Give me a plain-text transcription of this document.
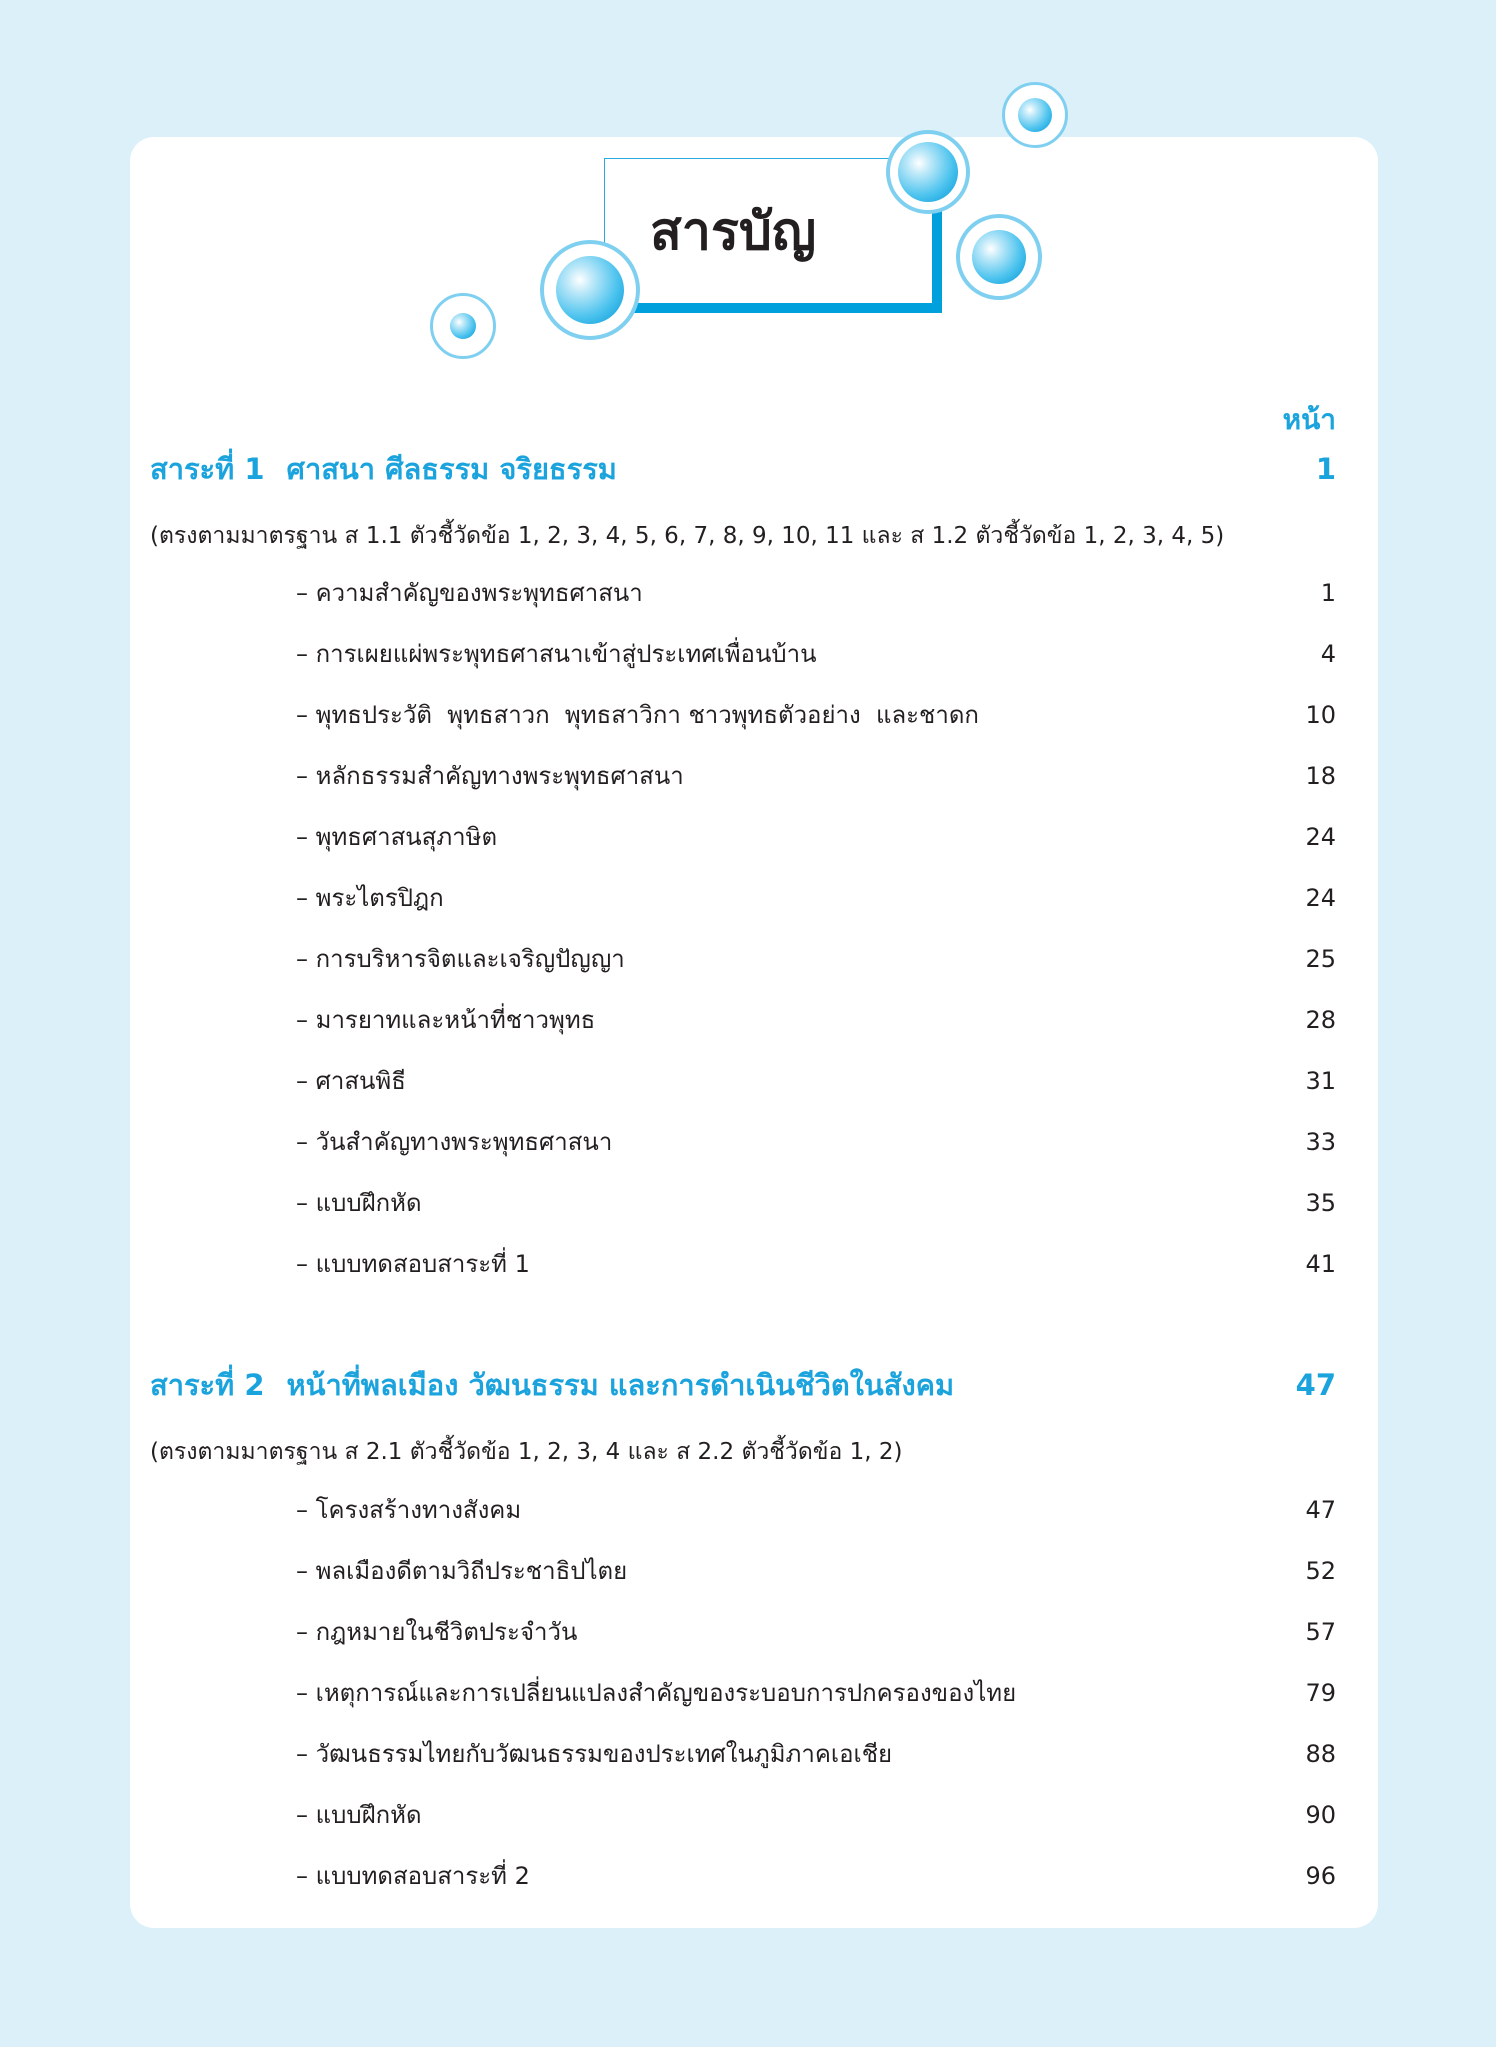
สารบัญ
หน้า
สาระที่ 1 ศาสนา ศีลธรรม จริยธรรม	1
(ตรงตามมาตรฐาน ส 1.1 ตัวชี้วัดข้อ 1, 2, 3, 4, 5, 6, 7, 8, 9, 10, 11 และ ส 1.2 ตัวชี้วัดข้อ 1, 2, 3, 4, 5)
– ความสำคัญของพระพุทธศาสนา	1
– การเผยแผ่พระพุทธศาสนาเข้าสู่ประเทศเพื่อนบ้าน	4
– พุทธประวัติ  พุทธสาวก  พุทธสาวิกา ชาวพุทธตัวอย่าง  และชาดก	10
– หลักธรรมสำคัญทางพระพุทธศาสนา	18
– พุทธศาสนสุภาษิต	24
– พระไตรปิฎก	24
– การบริหารจิตและเจริญปัญญา	25
– มารยาทและหน้าที่ชาวพุทธ	28
– ศาสนพิธี	31
– วันสำคัญทางพระพุทธศาสนา	33
– แบบฝึกหัด	35
– แบบทดสอบสาระที่ 1	41
สาระที่ 2 หน้าที่พลเมือง วัฒนธรรม และการดำเนินชีวิตในสังคม	47
(ตรงตามมาตรฐาน ส 2.1 ตัวชี้วัดข้อ 1, 2, 3, 4 และ ส 2.2 ตัวชี้วัดข้อ 1, 2)
– โครงสร้างทางสังคม	47
– พลเมืองดีตามวิถีประชาธิปไตย	52
– กฎหมายในชีวิตประจำวัน	57
– เหตุการณ์และการเปลี่ยนแปลงสำคัญของระบอบการปกครองของไทย	79
– วัฒนธรรมไทยกับวัฒนธรรมของประเทศในภูมิภาคเอเชีย	88
– แบบฝึกหัด	90
– แบบทดสอบสาระที่ 2	96
